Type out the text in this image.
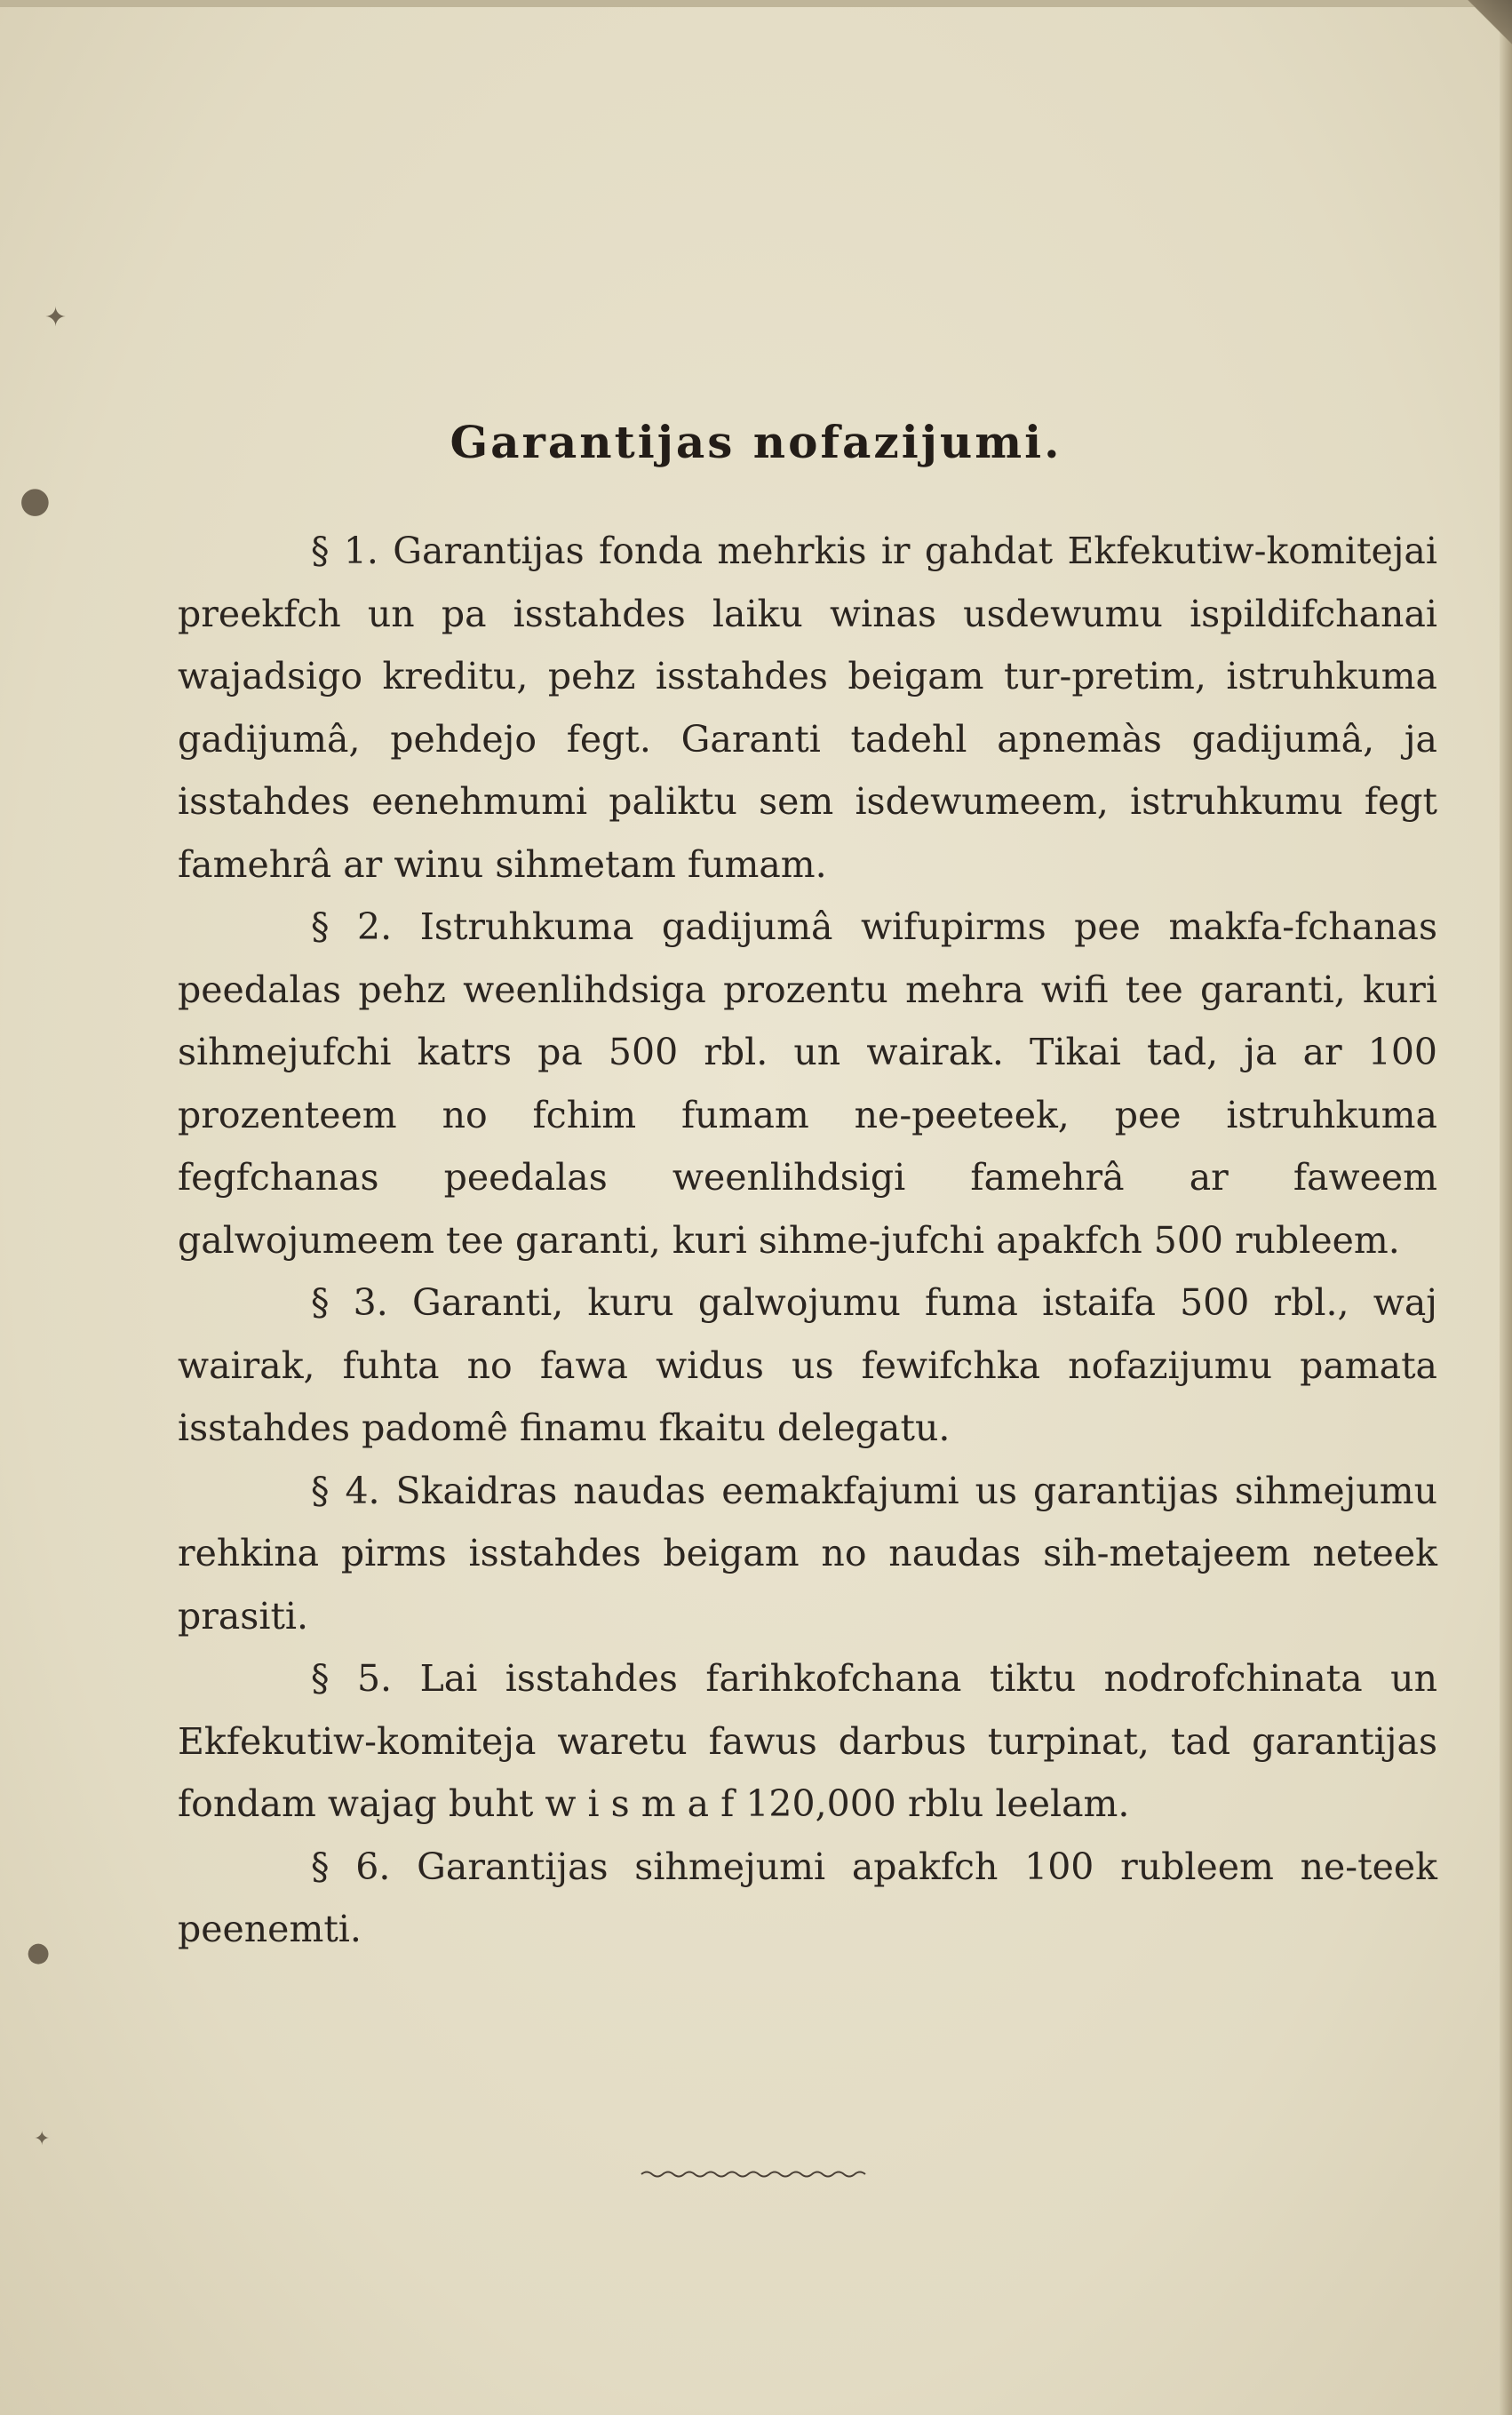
✦
●
●
✦
Garantijas nofazijumi.

§ 1. Garantijas fonda mehrkis ir gahdat Ekfekutiw-komitejai preekfch un pa isstahdes laiku winas usdewumu ispildifchanai wajadsigo kreditu, pehz isstahdes beigam tur-pretim, istruhkuma gadijumâ, pehdejo fegt. Garanti tadehl apnemàs gadijumâ, ja isstahdes eenehmumi paliktu sem isdewumeem, istruhkumu fegt famehrâ ar winu sihmetam fumam.

§ 2. Istruhkuma gadijumâ wifupirms pee makfa-fchanas peedalas pehz weenlihdsiga prozentu mehra wifi tee garanti, kuri sihmejufchi katrs pa 500 rbl. un wairak. Tikai tad, ja ar 100 prozenteem no fchim fumam ne-peeteek, pee istruhkuma fegfchanas peedalas weenlihdsigi famehrâ ar faweem galwojumeem tee garanti, kuri sihme-jufchi apakfch 500 rubleem.

§ 3. Garanti, kuru galwojumu fuma istaifa 500 rbl., waj wairak, fuhta no fawa widus us fewifchka nofazijumu pamata isstahdes padomê finamu fkaitu delegatu.

§ 4. Skaidras naudas eemakfajumi us garantijas sihmejumu rehkina pirms isstahdes beigam no naudas sih-metajeem neteek prasiti.

§ 5. Lai isstahdes farihkofchana tiktu nodrofchinata un Ekfekutiw-komiteja waretu fawus darbus turpinat, tad garantijas fondam wajag buht w i s m a f 120,000 rblu leelam.

§ 6. Garantijas sihmejumi apakfch 100 rubleem ne-teek peenemti.
